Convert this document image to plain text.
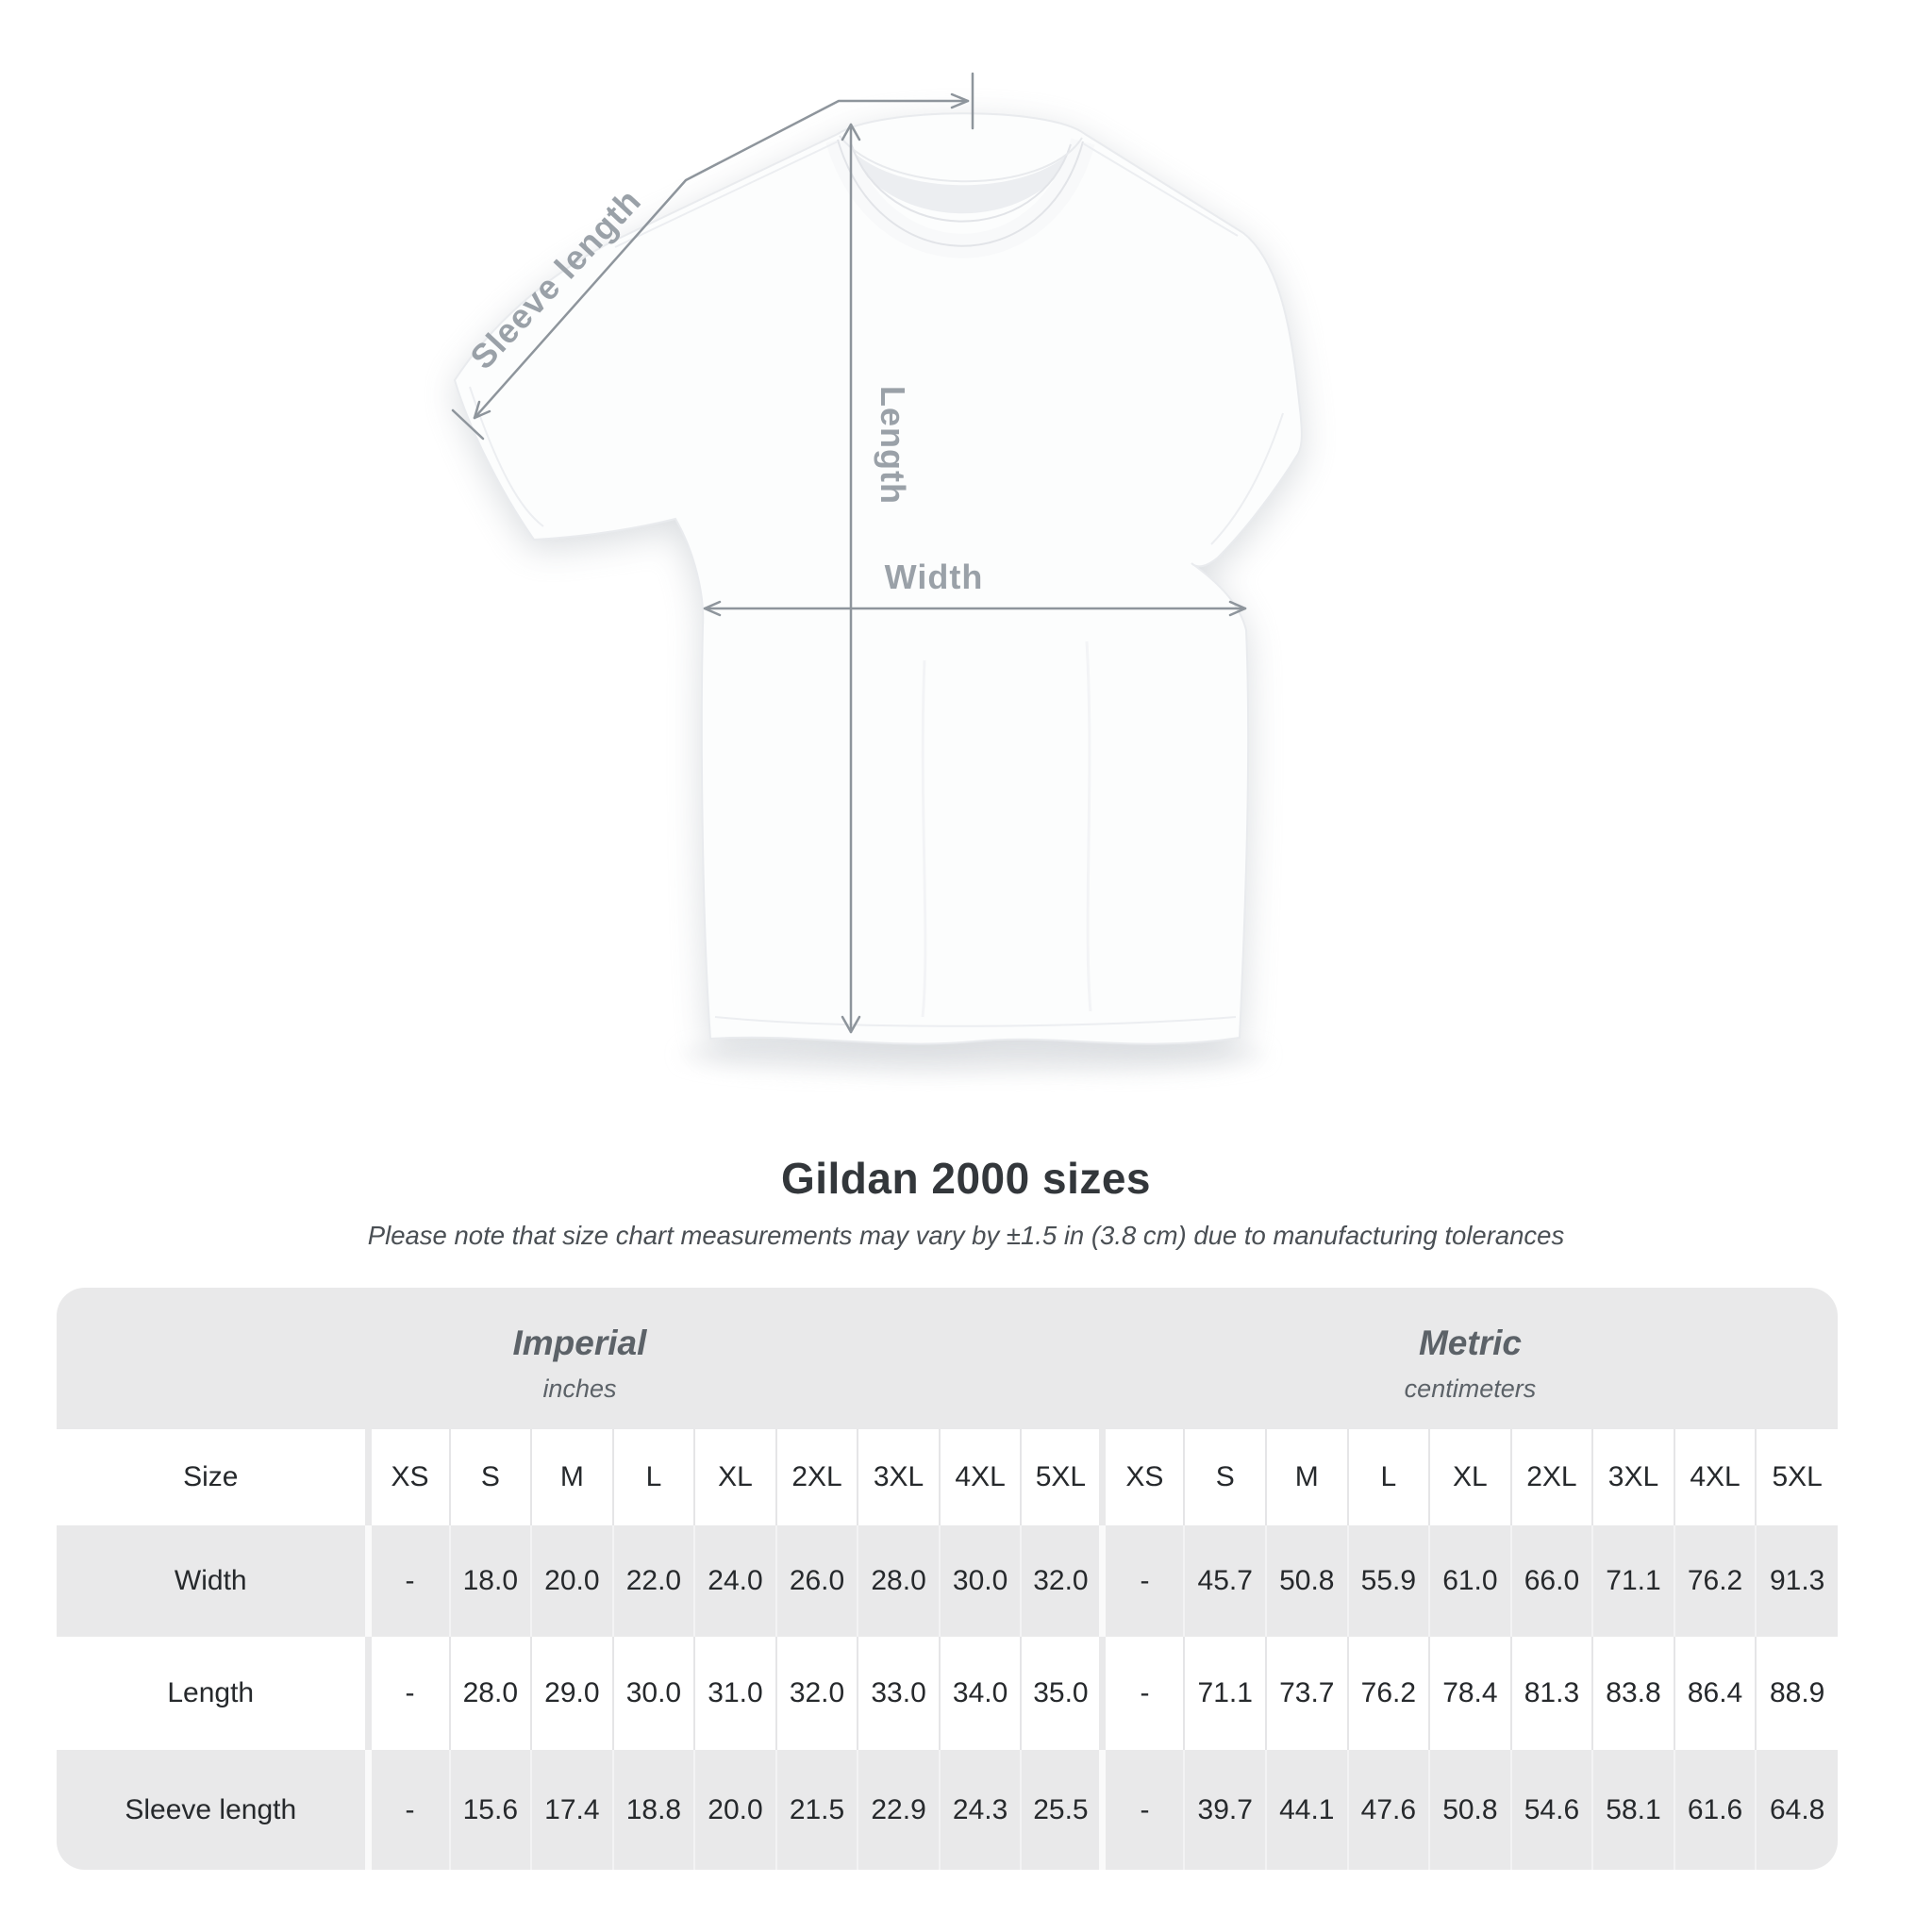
Sleeve length
Length
Width
Gildan 2000 sizes
Please note that size chart measurements may vary by ±1.5 in (3.8 cm) due to manufacturing tolerances
Imperial
inches

Metric
centimeters

Size	XS	S	M	L	XL	2XL	3XL	4XL	5XL	XS	S	M	L	XL	2XL	3XL	4XL	5XL
Width	-	18.0	20.0	22.0	24.0	26.0	28.0	30.0	32.0	-	45.7	50.8	55.9	61.0	66.0	71.1	76.2	91.3
Length	-	28.0	29.0	30.0	31.0	32.0	33.0	34.0	35.0	-	71.1	73.7	76.2	78.4	81.3	83.8	86.4	88.9
Sleeve length	-	15.6	17.4	18.8	20.0	21.5	22.9	24.3	25.5	-	39.7	44.1	47.6	50.8	54.6	58.1	61.6	64.8
